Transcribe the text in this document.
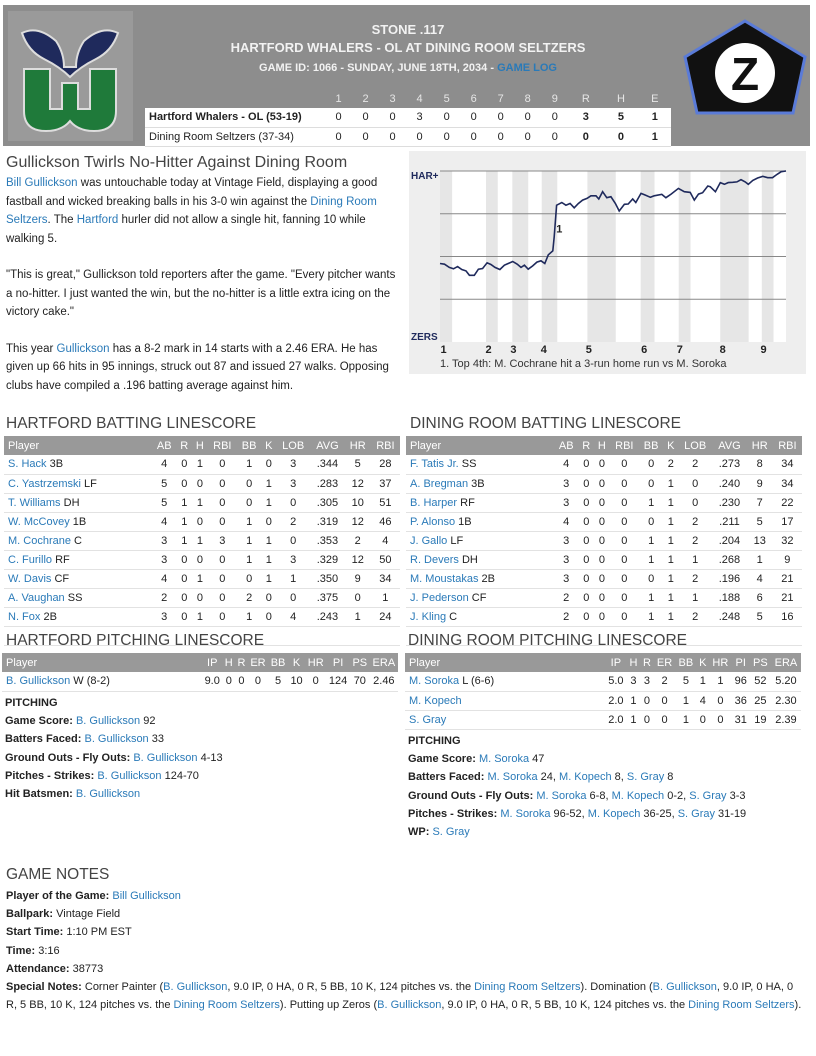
STONE .117
HARTFORD WHALERS - OL AT DINING ROOM SELTZERS
GAME ID: 1066 - SUNDAY, JUNE 18TH, 2034 - GAME LOG
	1	2	3	4	5	6	7	8	9	R	H	E
Hartford Whalers - OL (53-19)	0	0	0	3	0	0	0	0	0	3	5	1
Dining Room Seltzers (37-34)	0	0	0	0	0	0	0	0	0	0	0	1
Z
Gullickson Twirls No-Hitter Against Dining Room

Bill Gullickson was untouchable today at Vintage Field, displaying a good fastball and wicked breaking balls in his 3-0 win against the Dining Room Seltzers. The Hartford hurler did not allow a single hit, fanning 10 while walking 5.

"This is great," Gullickson told reporters after the game. "Every pitcher wants a no-hitter. I just wanted the win, but the no-hitter is a little extra icing on the victory cake."

This year Gullickson has a 8-2 mark in 14 starts with a 2.46 ERA. He has given up 66 hits in 95 innings, struck out 87 and issued 27 walks. Opposing clubs have compiled a .196 batting average against him.

HAR+
ZERS
1	2 3 4	5	6	7	8	9
1
1. Top 4th: M. Cochrane hit a 3-run home run vs M. Soroka
HARTFORD BATTING LINESCORE
Player	AB	R	H	RBI	BB	K	LOB	AVG	HR	RBI
S. Hack 3B	4	0	1	0	1	0	3	.344	5	28
C. Yastrzemski LF	5	0	0	0	0	1	3	.283	12	37
T. Williams DH	5	1	1	0	0	1	0	.305	10	51
W. McCovey 1B	4	1	0	0	1	0	2	.319	12	46
M. Cochrane C	3	1	1	3	1	1	0	.353	2	4
C. Furillo RF	3	0	0	0	1	1	3	.329	12	50
W. Davis CF	4	0	1	0	0	1	1	.350	9	34
A. Vaughan SS	2	0	0	0	2	0	0	.375	0	1
N. Fox 2B	3	0	1	0	1	0	4	.243	1	24

DINING ROOM BATTING LINESCORE
Player	AB	R	H	RBI	BB	K	LOB	AVG	HR	RBI
F. Tatis Jr. SS	4	0	0	0	0	2	2	.273	8	34
A. Bregman 3B	3	0	0	0	0	1	0	.240	9	34
B. Harper RF	3	0	0	0	1	1	0	.230	7	22
P. Alonso 1B	4	0	0	0	0	1	2	.211	5	17
J. Gallo LF	3	0	0	0	1	1	2	.204	13	32
R. Devers DH	3	0	0	0	1	1	1	.268	1	9
M. Moustakas 2B	3	0	0	0	0	1	2	.196	4	21
J. Pederson CF	2	0	0	0	1	1	1	.188	6	21
J. Kling C	2	0	0	0	1	1	2	.248	5	16

HARTFORD PITCHING LINESCORE
Player	IP	H	R	ER	BB	K	HR	PI	PS	ERA
B. Gullickson W (8-2)	9.0	0	0	0	5	10	0	124	70	2.46
PITCHING
Game Score: B. Gullickson 92
Batters Faced: B. Gullickson 33
Ground Outs - Fly Outs: B. Gullickson 4-13
Pitches - Strikes: B. Gullickson 124-70
Hit Batsmen: B. Gullickson
DINING ROOM PITCHING LINESCORE
Player	IP	H	R	ER	BB	K	HR	PI	PS	ERA
M. Soroka L (6-6)	5.0	3	3	2	5	1	1	96	52	5.20
M. Kopech	2.0	1	0	0	1	4	0	36	25	2.30
S. Gray	2.0	1	0	0	1	0	0	31	19	2.39
PITCHING
Game Score: M. Soroka 47
Batters Faced: M. Soroka 24, M. Kopech 8, S. Gray 8
Ground Outs - Fly Outs: M. Soroka 6-8, M. Kopech 0-2, S. Gray 3-3
Pitches - Strikes: M. Soroka 96-52, M. Kopech 36-25, S. Gray 31-19
WP: S. Gray
GAME NOTES
Player of the Game: Bill Gullickson
Ballpark: Vintage Field
Start Time: 1:10 PM EST
Time: 3:16
Attendance: 38773
Special Notes: Corner Painter (B. Gullickson, 9.0 IP, 0 HA, 0 R, 5 BB, 10 K, 124 pitches vs. the Dining Room Seltzers). Domination (B. Gullickson, 9.0 IP, 0 HA, 0 R, 5 BB, 10 K, 124 pitches vs. the Dining Room Seltzers). Putting up Zeros (B. Gullickson, 9.0 IP, 0 HA, 0 R, 5 BB, 10 K, 124 pitches vs. the Dining Room Seltzers).
